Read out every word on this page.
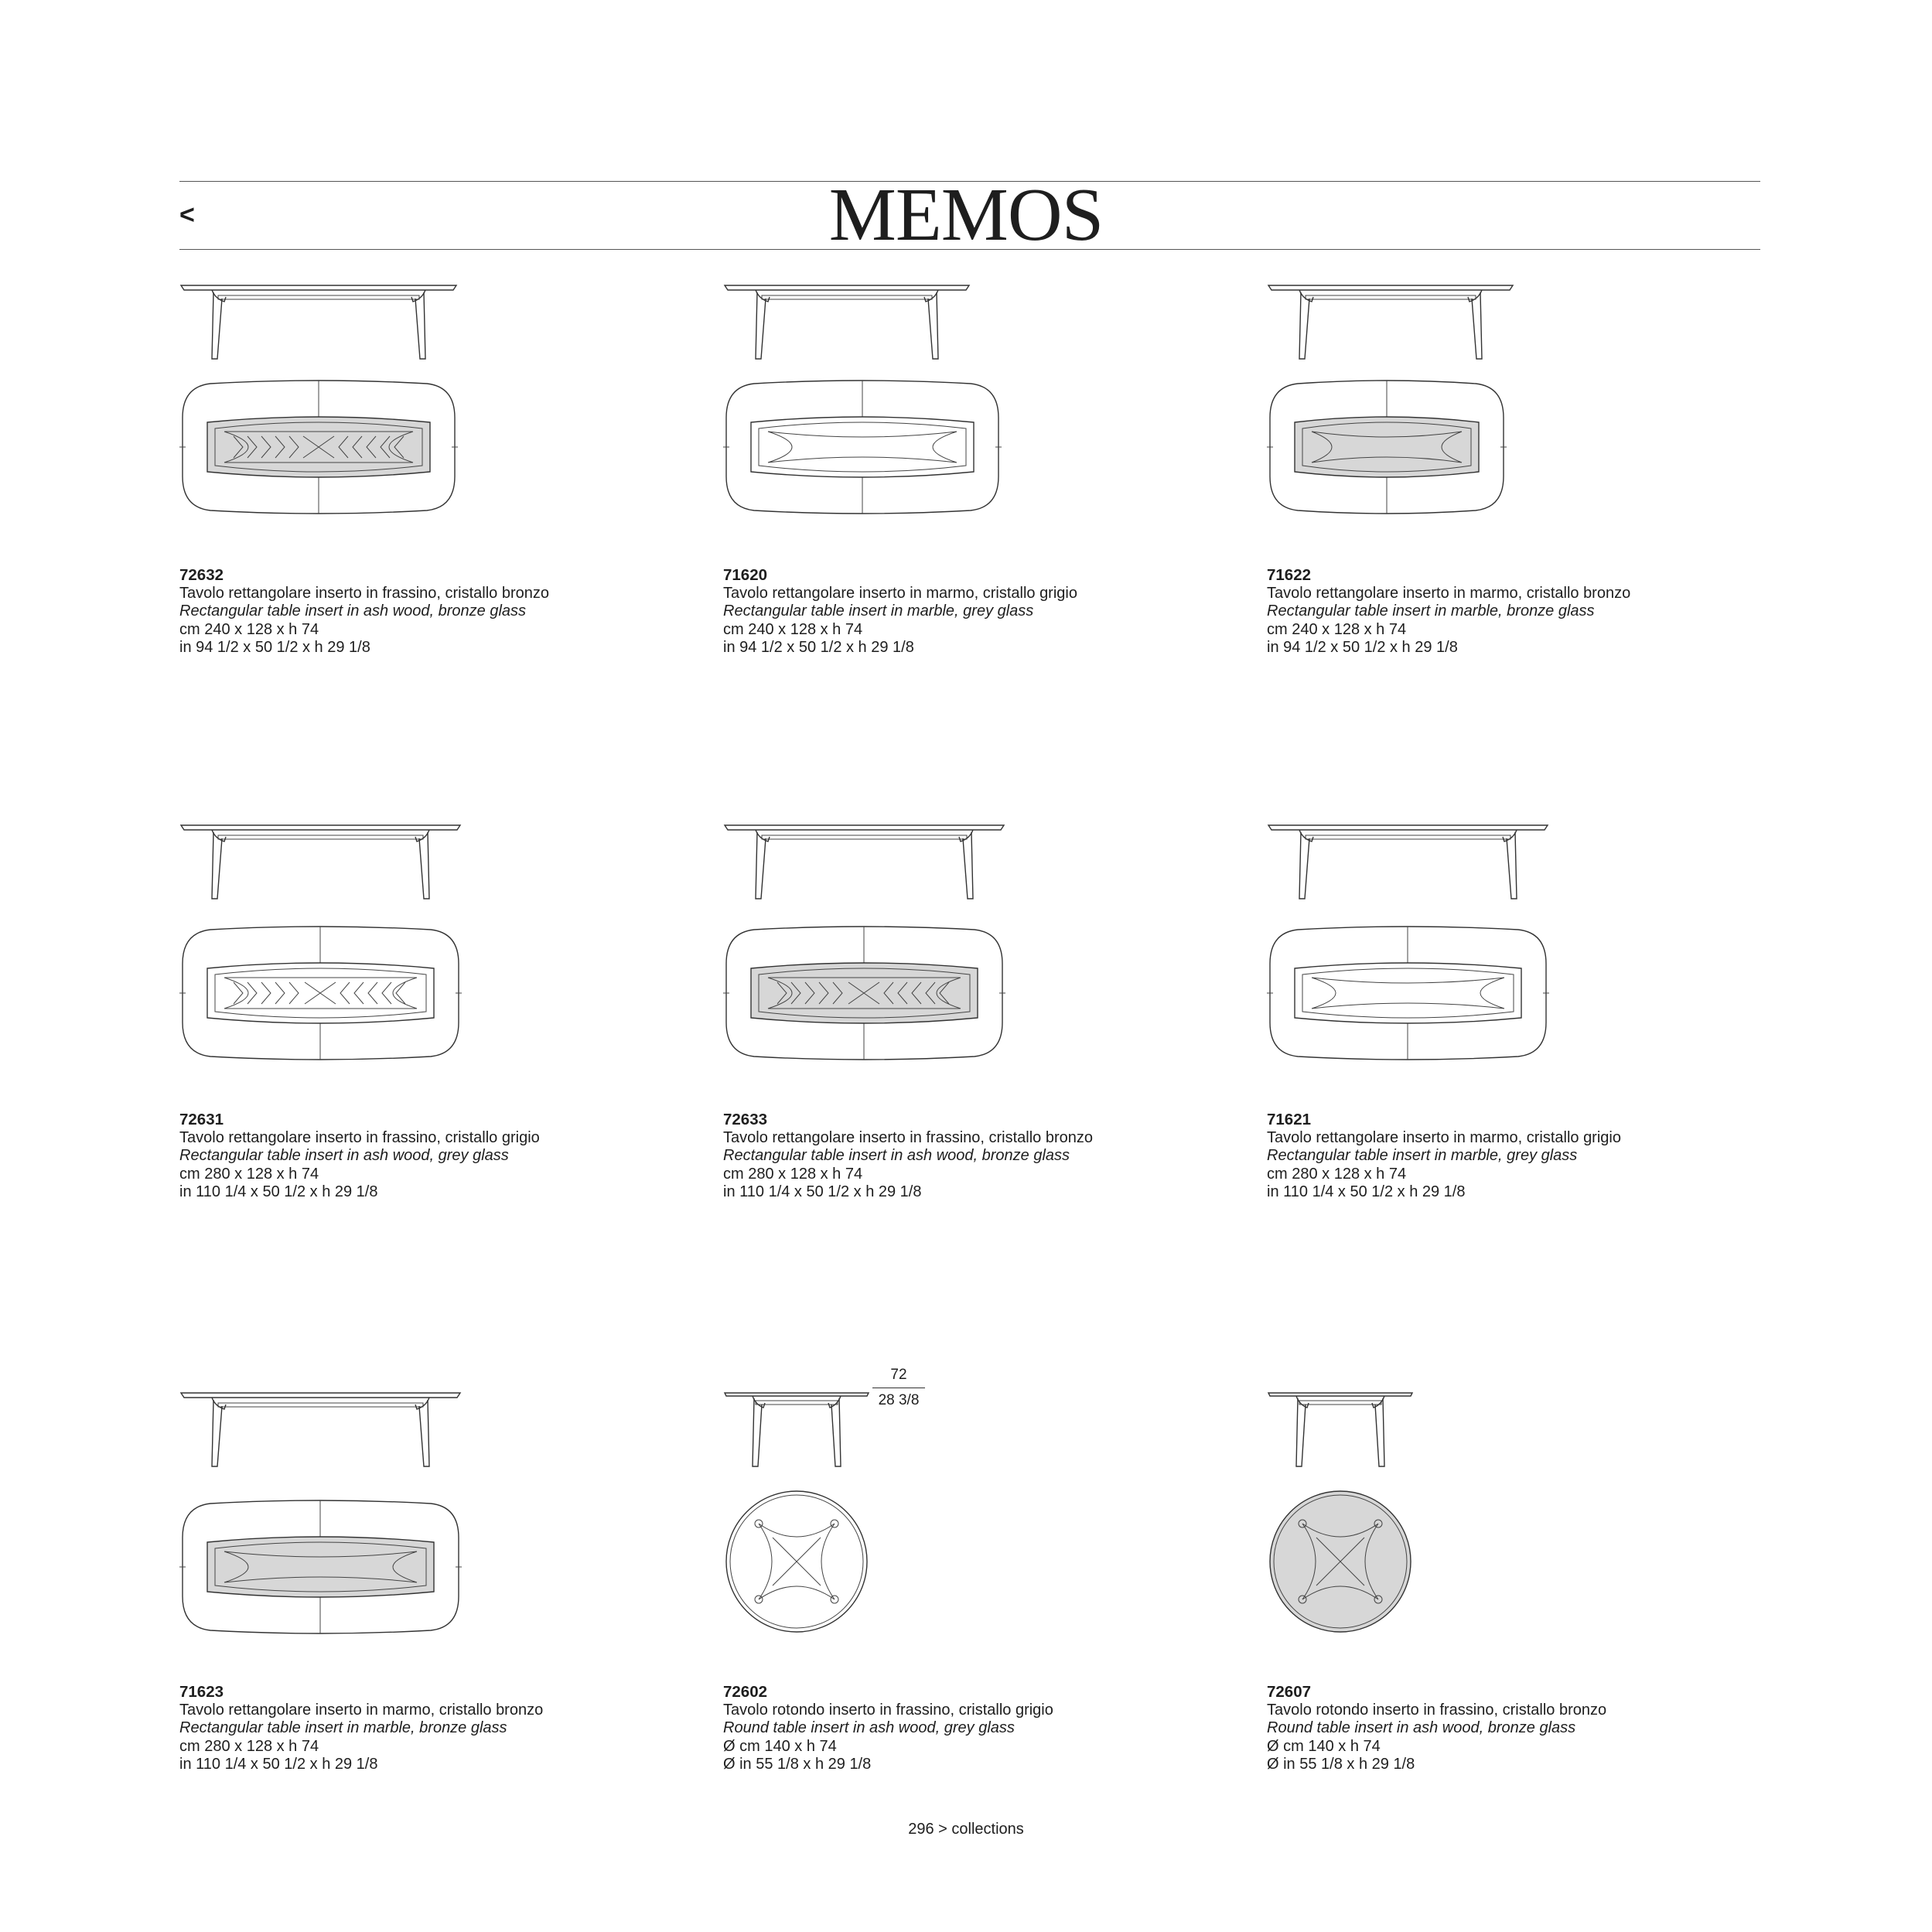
<	MEMOS
72
28 3/8
72632
Tavolo rettangolare inserto in frassino, cristallo bronzo
Rectangular table insert in ash wood, bronze glass
cm 240 x 128 x h 74
in 94 1/2 x 50 1/2 x h 29 1/8
71620
Tavolo rettangolare inserto in marmo, cristallo grigio
Rectangular table insert in marble, grey glass
cm 240 x 128 x h 74
in 94 1/2 x 50 1/2 x h 29 1/8
71622
Tavolo rettangolare inserto in marmo, cristallo bronzo
Rectangular table insert in marble, bronze glass
cm 240 x 128 x h 74
in 94 1/2 x 50 1/2 x h 29 1/8
72631
Tavolo rettangolare inserto in frassino, cristallo grigio
Rectangular table insert in ash wood, grey glass
cm 280 x 128 x h 74
in 110 1/4 x 50 1/2 x h 29 1/8
72633
Tavolo rettangolare inserto in frassino, cristallo bronzo
Rectangular table insert in ash wood, bronze glass
cm 280 x 128 x h 74
in 110 1/4 x 50 1/2 x h 29 1/8
71621
Tavolo rettangolare inserto in marmo, cristallo grigio
Rectangular table insert in marble, grey glass
cm 280 x 128 x h 74
in 110 1/4 x 50 1/2 x h 29 1/8
71623
Tavolo rettangolare inserto in marmo, cristallo bronzo
Rectangular table insert in marble, bronze glass
cm 280 x 128 x h 74
in 110 1/4 x 50 1/2 x h 29 1/8
72602
Tavolo rotondo inserto in frassino, cristallo grigio
Round table insert in ash wood, grey glass
Ø cm 140 x h 74
Ø in 55 1/8 x h 29 1/8
72607
Tavolo rotondo inserto in frassino, cristallo bronzo
Round table insert in ash wood, bronze glass
Ø cm 140 x h 74
Ø in 55 1/8 x h 29 1/8
296 > collections
